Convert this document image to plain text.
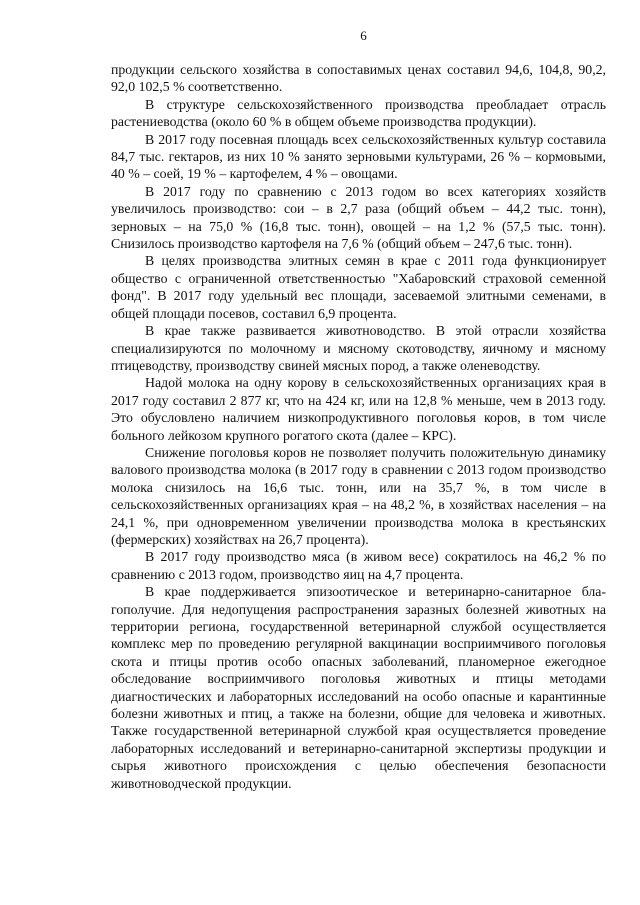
6

продукции сельского хозяйства в сопоставимых ценах составил 94,6, 104,8, 90,2, 92,0 102,5 % соответственно.

В структуре сельскохозяйственного производства преобладает отрасль растениеводства (около 60 % в общем объеме производства продукции).

В 2017 году посевная площадь всех сельскохозяйственных культур составила 84,7 тыс. гектаров, из них 10 % занято зерновыми культурами, 26 % – кормовыми, 40 % – соей, 19 % – картофелем, 4 % – овощами.

В 2017 году по сравнению с 2013 годом во всех категориях хозяйств увеличилось производство: сои – в 2,7 раза (общий объем – 44,2 тыс. тонн), зерновых – на 75,0 % (16,8 тыс. тонн), овощей – на 1,2 % (57,5 тыс. тонн). Снизилось производство картофеля на 7,6 % (общий объем – 247,6 тыс. тонн).

В целях производства элитных семян в крае с 2011 года функционирует общество с ограниченной ответственностью "Хабаровский страховой семенной фонд". В 2017 году удельный вес площади, засеваемой элитными семенами, в общей площади посевов, составил 6,9 процента.

В крае также развивается животноводство. В этой отрасли хозяйства специализируются по молочному и мясному скотоводству, яичному и мясному птицеводству, производству свиней мясных пород, а также оленеводству.

Надой молока на одну корову в сельскохозяйственных организациях края в 2017 году составил 2 877 кг, что на 424 кг, или на 12,8 % меньше, чем в 2013 году. Это обусловлено наличием низкопродуктивного поголовья коров, в том числе больного лейкозом крупного рогатого скота (далее – КРС).

Снижение поголовья коров не позволяет получить положительную динамику валового производства молока (в 2017 году в сравнении с 2013 годом производство молока снизилось на 16,6 тыс. тонн, или на 35,7 %, в том числе в сельскохозяйственных организациях края – на 48,2 %, в хозяйствах населения – на 24,1 %, при одновременном увеличении производства молока в крестьянских (фермерских) хозяйствах на 26,7 процента).

В 2017 году производство мяса (в живом весе) сократилось на 46,2 % по сравнению с 2013 годом, производство яиц на 4,7 процента.

В крае поддерживается эпизоотическое и ветеринарно-санитарное благополучие. Для недопущения распространения заразных болезней животных на территории региона, государственной ветеринарной службой осуществляется комплекс мер по проведению регулярной вакцинации восприимчивого поголовья скота и птицы против особо опасных заболеваний, планомерное ежегодное обследование восприимчивого поголовья животных и птицы методами диагностических и лабораторных исследований на особо опасные и карантинные болезни животных и птиц, а также на болезни, общие для человека и животных. Также государственной ветеринарной службой края осуществляется проведение лабораторных исследований и ветеринарно-санитарной экспертизы продукции и сырья животного происхождения с целью обеспечения безопасности животноводческой продукции.
